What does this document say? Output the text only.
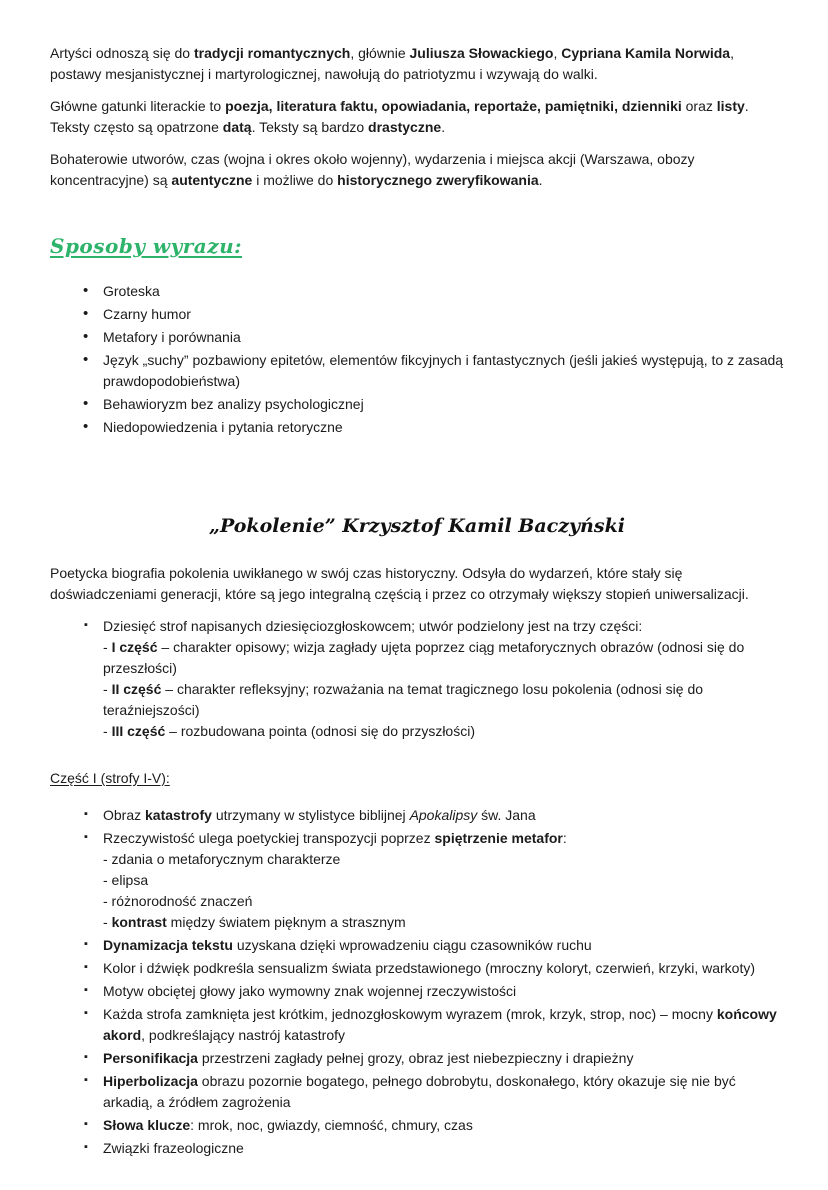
Artyści odnoszą się do tradycji romantycznych, głównie Juliusza Słowackiego, Cypriana Kamila Norwida, postawy mesjanistycznej i martyrologicznej, nawołują do patriotyzmu i wzywają do walki.

Główne gatunki literackie to poezja, literatura faktu, opowiadania, reportaże, pamiętniki, dzienniki oraz listy. Teksty często są opatrzone datą. Teksty są bardzo drastyczne.

Bohaterowie utworów, czas (wojna i okres około wojenny), wydarzenia i miejsca akcji (Warszawa, obozy koncentracyjne) są autentyczne i możliwe do historycznego zweryfikowania.

Sposoby wyrazu:
• Groteska
• Czarny humor
• Metafory i porównania
• Język „suchy” pozbawiony epitetów, elementów fikcyjnych i fantastycznych (jeśli jakieś występują, to z zasadą prawdopodobieństwa)
• Behawioryzm bez analizy psychologicznej
• Niedopowiedzenia i pytania retoryczne
„Pokolenie” Krzysztof Kamil Baczyński

Poetycka biografia pokolenia uwikłanego w swój czas historyczny. Odsyła do wydarzeń, które stały się doświadczeniami generacji, które są jego integralną częścią i przez co otrzymały większy stopień uniwersalizacji.

▪ Dziesięć strof napisanych dziesięciozgłoskowcem; utwór podzielony jest na trzy części:
- I część – charakter opisowy; wizja zagłady ujęta poprzez ciąg metaforycznych obrazów (odnosi się do przeszłości)
- II część – charakter refleksyjny; rozważania na temat tragicznego losu pokolenia (odnosi się do teraźniejszości)
- III część – rozbudowana pointa (odnosi się do przyszłości)
Część I (strofy I-V):
▪ Obraz katastrofy utrzymany w stylistyce biblijnej Apokalipsy św. Jana
▪ Rzeczywistość ulega poetyckiej transpozycji poprzez spiętrzenie metafor:
- zdania o metaforycznym charakterze
- elipsa
- różnorodność znaczeń
- kontrast między światem pięknym a strasznym
▪ Dynamizacja tekstu uzyskana dzięki wprowadzeniu ciągu czasowników ruchu
▪ Kolor i dźwięk podkreśla sensualizm świata przedstawionego (mroczny koloryt, czerwień, krzyki, warkoty)
▪ Motyw obciętej głowy jako wymowny znak wojennej rzeczywistości
▪ Każda strofa zamknięta jest krótkim, jednozgłoskowym wyrazem (mrok, krzyk, strop, noc) – mocny końcowy akord, podkreślający nastrój katastrofy
▪ Personifikacja przestrzeni zagłady pełnej grozy, obraz jest niebezpieczny i drapieżny
▪ Hiperbolizacja obrazu pozornie bogatego, pełnego dobrobytu, doskonałego, który okazuje się nie być arkadią, a źródłem zagrożenia
▪ Słowa klucze: mrok, noc, gwiazdy, ciemność, chmury, czas
▪ Związki frazeologiczne
